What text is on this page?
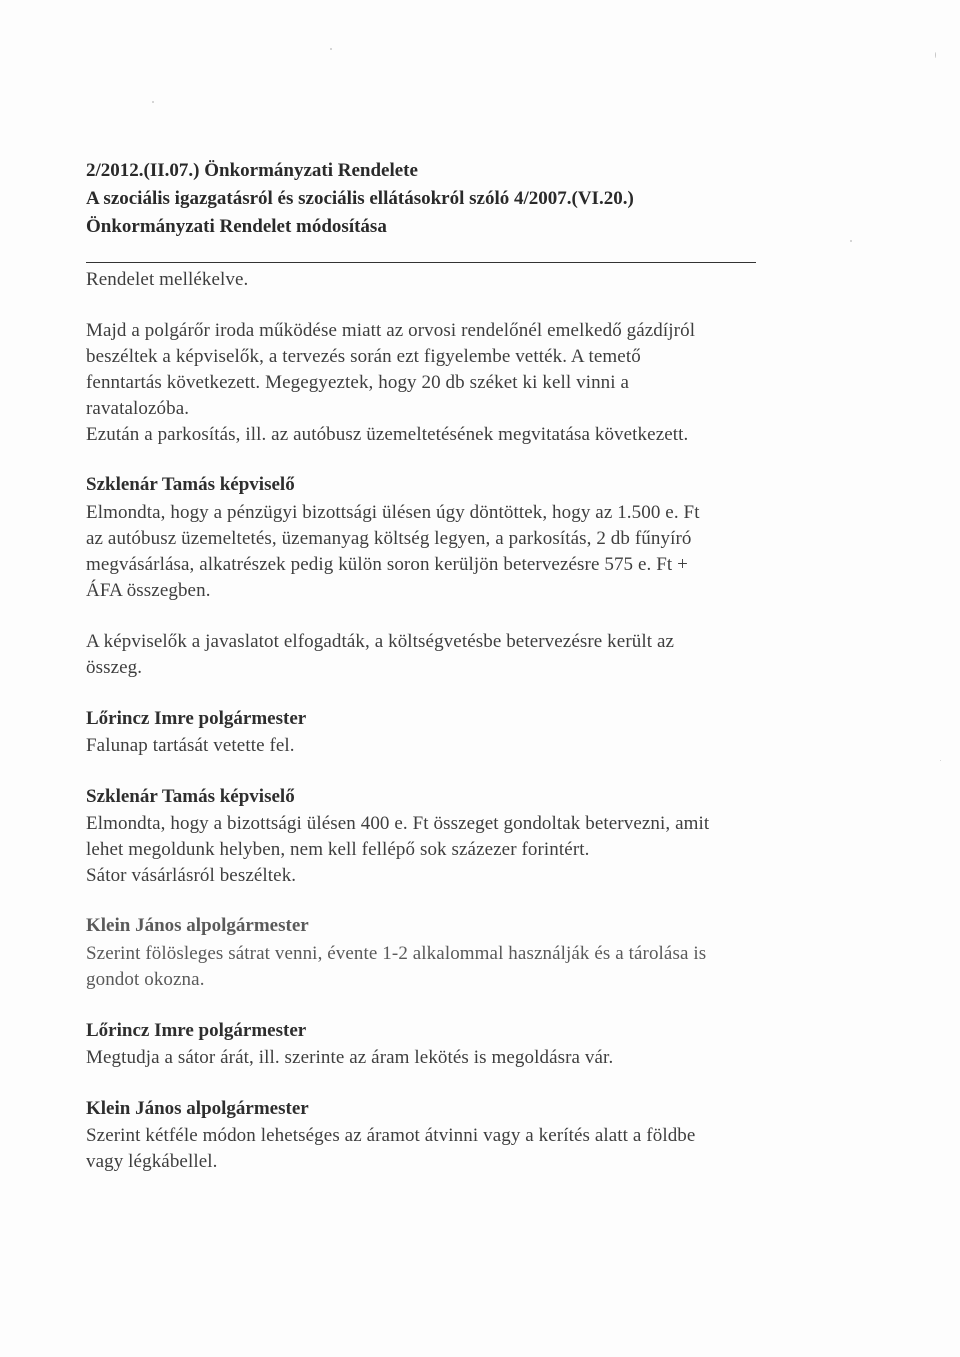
2/2012.(II.07.) Önkormányzati Rendelete
A szociális igazgatásról és szociális ellátásokról szóló 4/2007.(VI.20.)
Önkormányzati Rendelet módosítása
Rendelet mellékelve.
Majd a polgárőr iroda működése miatt az orvosi rendelőnél emelkedő gázdíjról
beszéltek a képviselők, a tervezés során ezt figyelembe vették. A temető
fenntartás következett. Megegyeztek, hogy 20 db széket ki kell vinni a
ravatalozóba.
Ezután a parkosítás, ill. az autóbusz üzemeltetésének megvitatása következett.
Szklenár Tamás képviselő
Elmondta, hogy a pénzügyi bizottsági ülésen úgy döntöttek, hogy az 1.500 e. Ft
az autóbusz üzemeltetés, üzemanyag költség legyen, a parkosítás, 2 db fűnyíró
megvásárlása, alkatrészek pedig külön soron kerüljön betervezésre 575 e. Ft +
ÁFA összegben.
A képviselők a javaslatot elfogadták, a költségvetésbe betervezésre került az
összeg.
Lőrincz Imre polgármester
Falunap tartását vetette fel.
Szklenár Tamás képviselő
Elmondta, hogy a bizottsági ülésen 400 e. Ft összeget gondoltak betervezni, amit
lehet megoldunk helyben, nem kell fellépő sok százezer forintért.
Sátor vásárlásról beszéltek.
Klein János alpolgármester
Szerint fölösleges sátrat venni, évente 1-2 alkalommal használják és a tárolása is
gondot okozna.
Lőrincz Imre polgármester
Megtudja a sátor árát, ill. szerinte az áram lekötés is megoldásra vár.
Klein János alpolgármester
Szerint kétféle módon lehetséges az áramot átvinni vagy a kerítés alatt a földbe
vagy légkábellel.
